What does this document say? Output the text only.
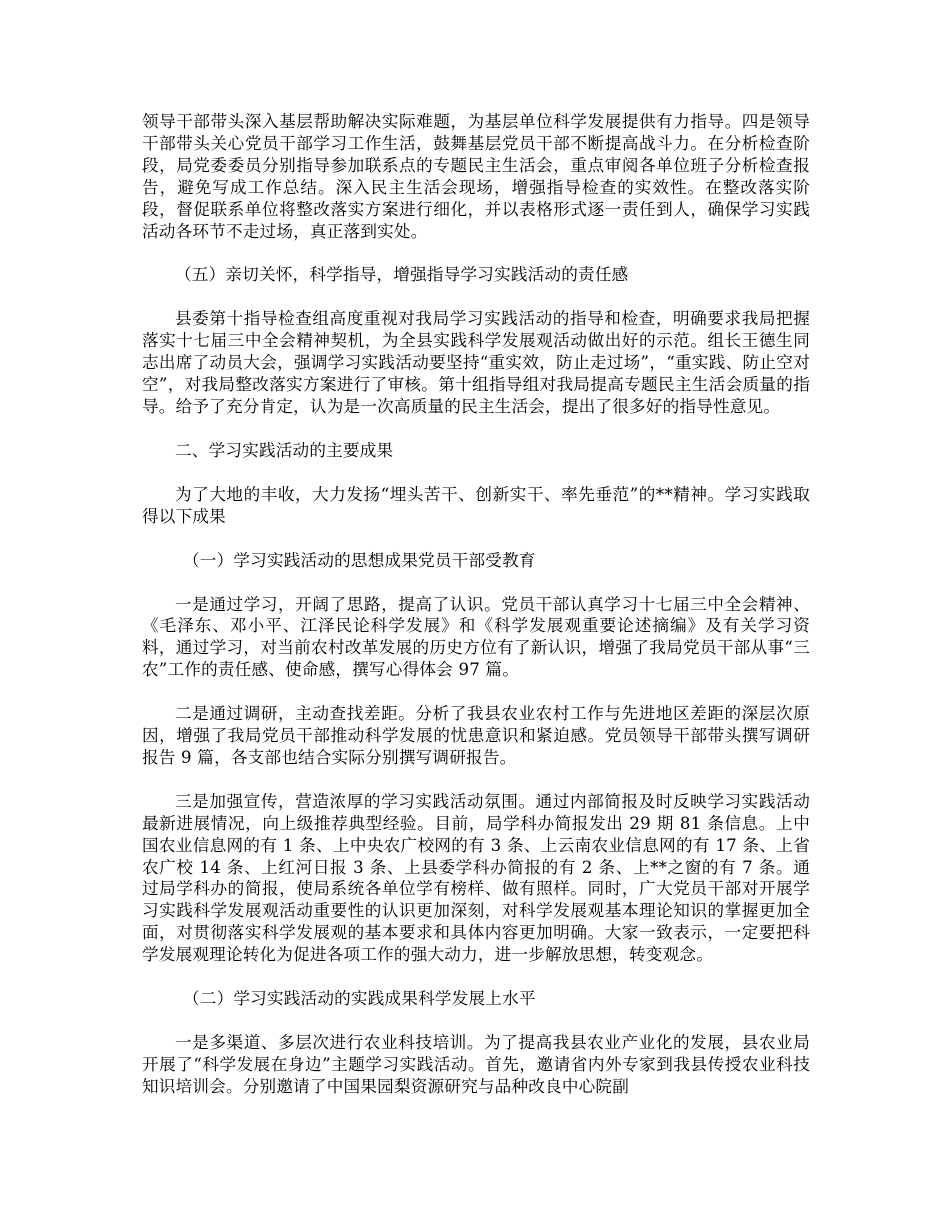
领导干部带头深入基层帮助解决实际难题，为基层单位科学发展提供有力指导。四是领导干部带头关心党员干部学习工作生活，鼓舞基层党员干部不断提高战斗力。在分析检查阶段，局党委委员分别指导参加联系点的专题民主生活会，重点审阅各单位班子分析检查报告，避免写成工作总结。深入民主生活会现场，增强指导检查的实效性。在整改落实阶段，督促联系单位将整改落实方案进行细化，并以表格形式逐一责任到人，确保学习实践活动各环节不走过场，真正落到实处。

（五）亲切关怀，科学指导，增强指导学习实践活动的责任感

县委第十指导检查组高度重视对我局学习实践活动的指导和检查，明确要求我局把握落实十七届三中全会精神契机，为全县实践科学发展观活动做出好的示范。组长王德生同志出席了动员大会，强调学习实践活动要坚持“重实效，防止走过场”，“重实践、防止空对空”，对我局整改落实方案进行了审核。第十组指导组对我局提高专题民主生活会质量的指导。给予了充分肯定，认为是一次高质量的民主生活会，提出了很多好的指导性意见。

二、学习实践活动的主要成果

为了大地的丰收，大力发扬“埋头苦干、创新实干、率先垂范”的**精神。学习实践取得以下成果

（一）学习实践活动的思想成果党员干部受教育

一是通过学习，开阔了思路，提高了认识。党员干部认真学习十七届三中全会精神、《毛泽东、邓小平、江泽民论科学发展》和《科学发展观重要论述摘编》及有关学习资料，通过学习，对当前农村改革发展的历史方位有了新认识，增强了我局党员干部从事“三农”工作的责任感、使命感，撰写心得体会 97 篇。

二是通过调研，主动查找差距。分析了我县农业农村工作与先进地区差距的深层次原因，增强了我局党员干部推动科学发展的忧患意识和紧迫感。党员领导干部带头撰写调研报告 9 篇，各支部也结合实际分别撰写调研报告。

三是加强宣传，营造浓厚的学习实践活动氛围。通过内部简报及时反映学习实践活动最新进展情况，向上级推荐典型经验。目前，局学科办简报发出 29 期 81 条信息。上中国农业信息网的有 1 条、上中央农广校网的有 3 条、上云南农业信息网的有 17 条、上省农广校 14 条、上红河日报 3 条、上县委学科办简报的有 2 条、上**之窗的有 7 条。通过局学科办的简报，使局系统各单位学有榜样、做有照样。同时，广大党员干部对开展学习实践科学发展观活动重要性的认识更加深刻，对科学发展观基本理论知识的掌握更加全面，对贯彻落实科学发展观的基本要求和具体内容更加明确。大家一致表示，一定要把科学发展观理论转化为促进各项工作的强大动力，进一步解放思想，转变观念。

（二）学习实践活动的实践成果科学发展上水平

一是多渠道、多层次进行农业科技培训。为了提高我县农业产业化的发展，县农业局开展了“科学发展在身边”主题学习实践活动。首先，邀请省内外专家到我县传授农业科技知识培训会。分别邀请了中国果园梨资源研究与品种改良中心院副
